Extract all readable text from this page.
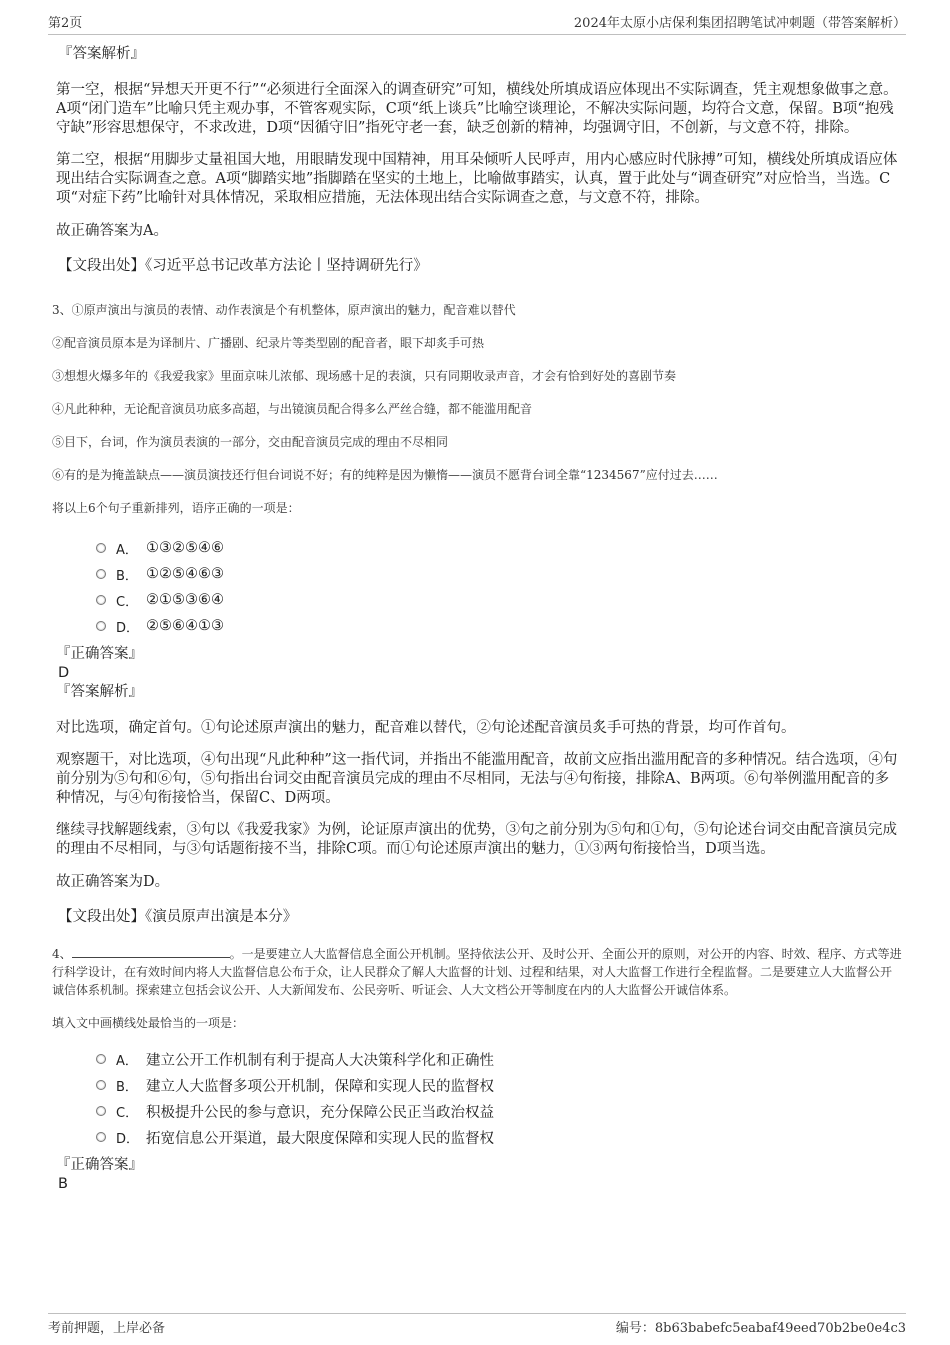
第2页	2024年太原小店保利集团招聘笔试冲刺题（带答案解析）
『答案解析』

第一空，根据“异想天开更不行”“必须进行全面深入的调查研究”可知，横线处所填成语应体现出不实际调查，凭主观想象做事之意。A项“闭门造车”比喻只凭主观办事，不管客观实际，C项“纸上谈兵”比喻空谈理论，不解决实际问题，均符合文意，保留。B项“抱残守缺”形容思想保守，不求改进，D项“因循守旧”指死守老一套，缺乏创新的精神，均强调守旧，不创新，与文意不符，排除。

第二空，根据“用脚步丈量祖国大地，用眼睛发现中国精神，用耳朵倾听人民呼声，用内心感应时代脉搏”可知，横线处所填成语应体现出结合实际调查之意。A项“脚踏实地”指脚踏在坚实的土地上，比喻做事踏实，认真，置于此处与“调查研究”对应恰当，当选。C项“对症下药”比喻针对具体情况，采取相应措施，无法体现出结合实际调查之意，与文意不符，排除。

故正确答案为A。

【文段出处】《习近平总书记改革方法论丨坚持调研先行》

3、①原声演出与演员的表情、动作表演是个有机整体，原声演出的魅力，配音难以替代

②配音演员原本是为译制片、广播剧、纪录片等类型剧的配音者，眼下却炙手可热

③想想火爆多年的《我爱我家》里面京味儿浓郁、现场感十足的表演，只有同期收录声音，才会有恰到好处的喜剧节奏

④凡此种种，无论配音演员功底多高超，与出镜演员配合得多么严丝合缝，都不能滥用配音

⑤目下，台词，作为演员表演的一部分，交由配音演员完成的理由不尽相同

⑥有的是为掩盖缺点——演员演技还行但台词说不好；有的纯粹是因为懒惰——演员不愿背台词全靠“1234567”应付过去……

将以上6个句子重新排列，语序正确的一项是：

A． ①③②⑤④⑥
B． ①②⑤④⑥③
C． ②①⑤③⑥④
D． ②⑤⑥④①③
『正确答案』
D
『答案解析』

对比选项，确定首句。①句论述原声演出的魅力，配音难以替代，②句论述配音演员炙手可热的背景，均可作首句。

观察题干，对比选项，④句出现“凡此种种”这一指代词，并指出不能滥用配音，故前文应指出滥用配音的多种情况。结合选项，④句前分别为⑤句和⑥句，⑤句指出台词交由配音演员完成的理由不尽相同，无法与④句衔接，排除A、B两项。⑥句举例滥用配音的多种情况，与④句衔接恰当，保留C、D两项。

继续寻找解题线索，③句以《我爱我家》为例，论证原声演出的优势，③句之前分别为⑤句和①句，⑤句论述台词交由配音演员完成的理由不尽相同，与③句话题衔接不当，排除C项。而①句论述原声演出的魅力，①③两句衔接恰当，D项当选。

故正确答案为D。

【文段出处】《演员原声出演是本分》

4、	。一是要建立人大监督信息全面公开机制。坚持依法公开、及时公开、全面公开的原则，对公开的内容、时效、程序、方式等进行科学设计，在有效时间内将人大监督信息公布于众，让人民群众了解人大监督的计划、过程和结果，对人大监督工作进行全程监督。二是要建立人大监督公开诚信体系机制。探索建立包括会议公开、人大新闻发布、公民旁听、听证会、人大文档公开等制度在内的人大监督公开诚信体系。

填入文中画横线处最恰当的一项是：

A． 建立公开工作机制有利于提高人大决策科学化和正确性
B． 建立人大监督多项公开机制，保障和实现人民的监督权
C． 积极提升公民的参与意识，充分保障公民正当政治权益
D． 拓宽信息公开渠道，最大限度保障和实现人民的监督权
『正确答案』
B
考前押题，上岸必备	编号：8b63babefc5eabaf49eed70b2be0e4c3
